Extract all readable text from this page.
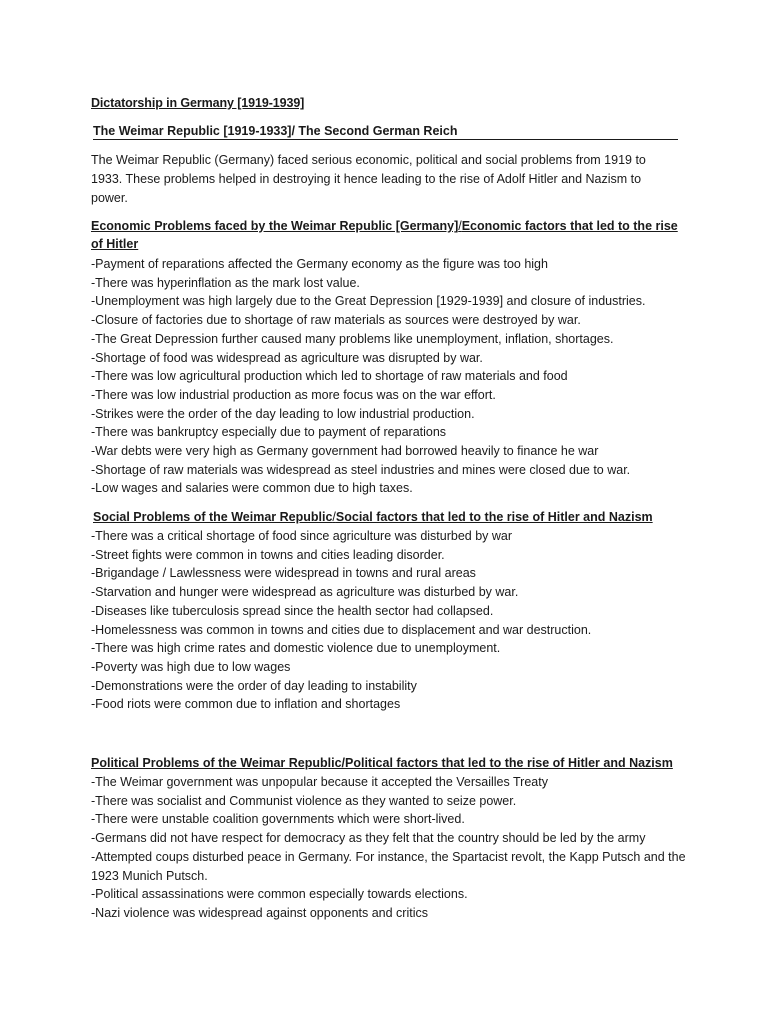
Dictatorship in Germany [1919-1939]
The Weimar Republic [1919-1933]/ The Second German Reich
The Weimar Republic (Germany) faced serious economic, political and social problems from 1919 to 1933. These problems helped in destroying it hence leading to the rise of Adolf Hitler and Nazism to power.
Economic Problems faced by the Weimar Republic [Germany]/Economic factors that led to the rise of Hitler
-Payment of reparations affected the Germany economy as the figure was too high
-There was hyperinflation as the mark lost value.
-Unemployment was high largely due to the Great Depression [1929-1939] and closure of industries.
-Closure of factories due to shortage of raw materials as sources were destroyed by war.
-The Great Depression further caused many problems like unemployment, inflation, shortages.
-Shortage of food was widespread as agriculture was disrupted by war.
-There was low agricultural production which led to shortage of raw materials and food
-There was low industrial production as more focus was on the war effort.
-Strikes were the order of the day leading to low industrial production.
-There was bankruptcy especially due to payment of reparations
-War debts were very high as Germany government had borrowed heavily to finance he war
-Shortage of raw materials was widespread as steel industries and mines were closed due to war.
-Low wages and salaries were common due to high taxes.
Social Problems of the Weimar Republic/Social factors that led to the rise of Hitler and Nazism
-There was a critical shortage of food since agriculture was disturbed by war
-Street fights were common in towns and cities leading disorder.
-Brigandage / Lawlessness were widespread in towns and rural areas
-Starvation and hunger were widespread as agriculture was disturbed by war.
-Diseases like tuberculosis spread since the health sector had collapsed.
-Homelessness was common in towns and cities due to displacement and war destruction.
-There was high crime rates and domestic violence due to unemployment.
-Poverty was high due to low wages
-Demonstrations were the order of day leading to instability
-Food riots were common due to inflation and shortages
Political Problems of the Weimar Republic/Political factors that led to the rise of Hitler and Nazism
-The Weimar government was unpopular because it accepted the Versailles Treaty
-There was socialist and Communist violence as they wanted to seize power.
-There were unstable coalition governments which were short-lived.
-Germans did not have respect for democracy as they felt that the country should be led by the army
-Attempted coups disturbed peace in Germany. For instance, the Spartacist revolt, the Kapp Putsch and the 1923 Munich Putsch.
-Political assassinations were common especially towards elections.
-Nazi violence was widespread against opponents and critics
